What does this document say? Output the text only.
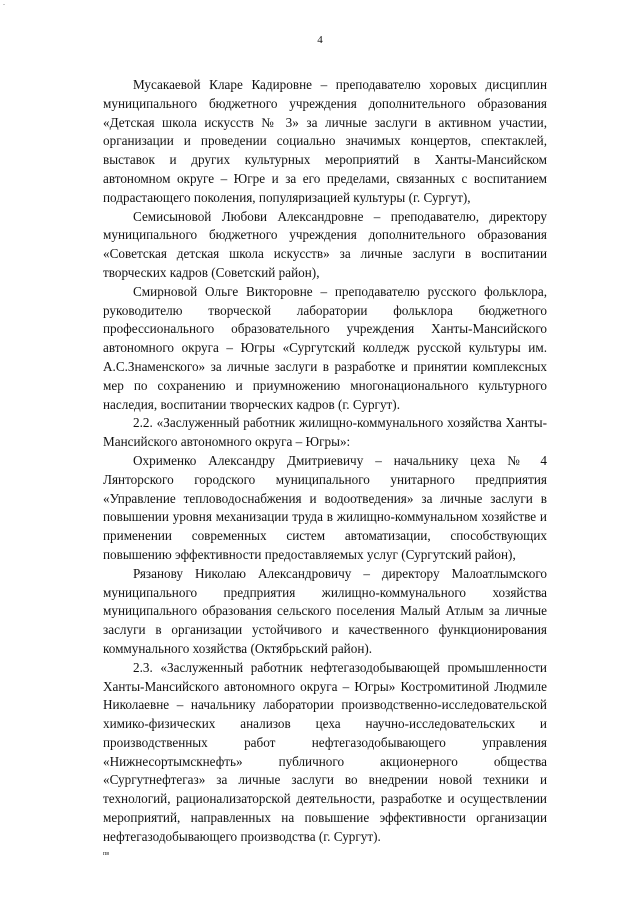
-
4

Мусакаевой Кларе Кадировне – преподавателю хоровых дисциплин муниципального бюджетного учреждения дополнительного образования «Детская школа искусств № 3» за личные заслуги в активном участии, организации и проведении социально значимых концертов, спектаклей, выставок и других культурных мероприятий в Ханты-Мансийском автономном округе – Югре и за его пределами, связанных с воспитанием подрастающего поколения, популяризацией культуры (г. Сургут),

Семисыновой Любови Александровне – преподавателю, директору муниципального бюджетного учреждения дополнительного образования «Советская детская школа искусств» за личные заслуги в воспитании творческих кадров (Советский район),

Смирновой Ольге Викторовне – преподавателю русского фольклора, руководителю творческой лаборатории фольклора бюджетного профессионального образовательного учреждения Ханты-Мансийского автономного округа – Югры «Сургутский колледж русской культуры им. А.С.Знаменского» за личные заслуги в разработке и принятии комплексных мер по сохранению и приумножению многонационального культурного наследия, воспитании творческих кадров (г. Сургут).

2.2. «Заслуженный работник жилищно-коммунального хозяйства Ханты-Мансийского автономного округа – Югры»:

Охрименко Александру Дмитриевичу – начальнику цеха № 4 Лянторского городского муниципального унитарного предприятия «Управление тепловодоснабжения и водоотведения» за личные заслуги в повышении уровня механизации труда в жилищно-коммунальном хозяйстве и применении современных систем автоматизации, способствующих повышению эффективности предоставляемых услуг (Сургутский район),

Рязанову Николаю Александровичу – директору Малоатлымского муниципального предприятия жилищно-коммунального хозяйства муниципального образования сельского поселения Малый Атлым за личные заслуги в организации устойчивого и качественного функционирования коммунального хозяйства (Октябрьский район).

2.3. «Заслуженный работник нефтегазодобывающей промышленности Ханты-Мансийского автономного округа – Югры» Костромитиной Людмиле Николаевне – начальнику лаборатории производственно-исследовательской химико-физических анализов цеха научно-исследовательских и производственных работ нефтегазодобывающего управления «Нижнесортымскнефть» публичного акционерного общества «Сургутнефтегаз» за личные заслуги во внедрении новой техники и технологий, рационализаторской деятельности, разработке и осуществлении мероприятий, направленных на повышение эффективности организации нефтегазодобывающего производства (г. Сургут).

пв
